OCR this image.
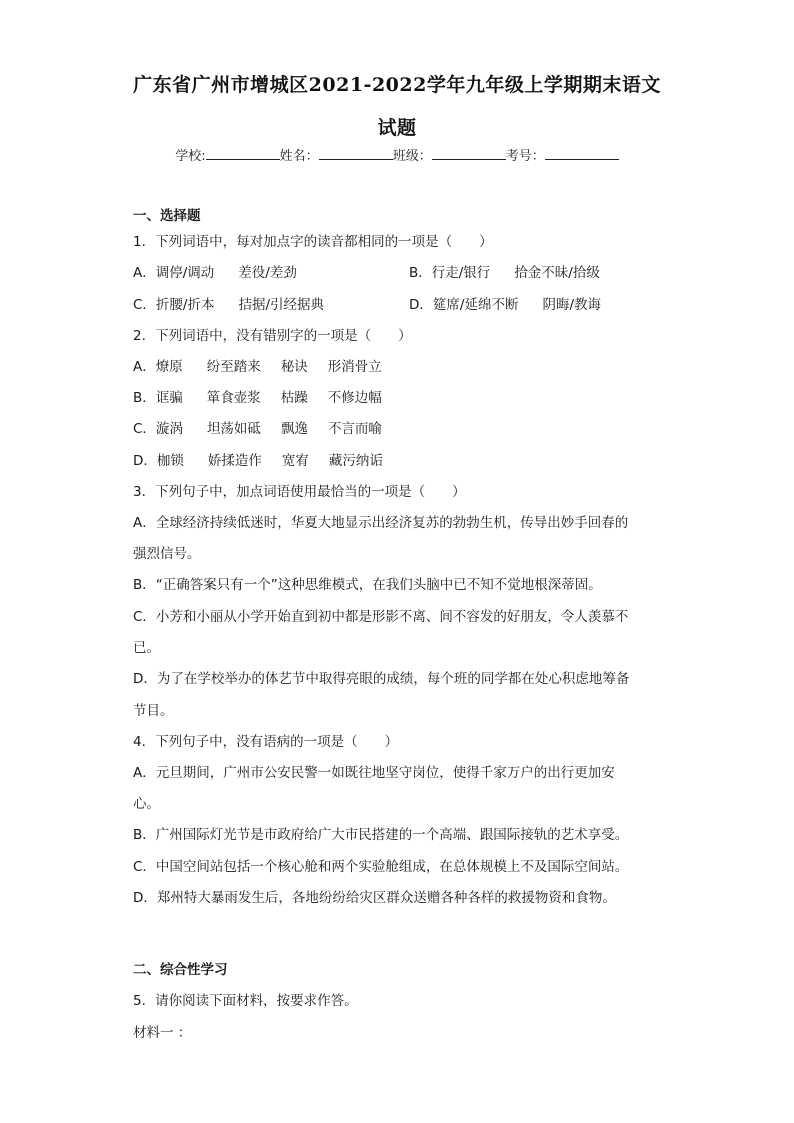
广东省广州市增城区2021-2022学年九年级上学期期末语文
试题
学校:	姓名：	班级：	考号：
一、选择题
1．下列词语中，每对加点字的读音都相同的一项是（　　）
A．调停/调动 差役/差劲	B．行走/银行 拾金不昧/拾级
C．折腰/折本 拮据/引经据典	D．筵席/延绵不断 阴晦/教诲
2．下列词语中，没有错别字的一项是（　　）
A．燎原 纷至踏来 秘诀 形消骨立
B．诓骗 箪食壶浆 枯躁 不修边幅
C．漩涡 坦荡如砥 飘逸 不言而喻
D．枷锁 娇揉造作 宽宥 藏污纳诟
3．下列句子中，加点词语使用最恰当的一项是（　　）
A．全球经济持续低迷时，华夏大地显示出经济复苏的勃勃生机，传导出妙手回春的
强烈信号。
B．“正确答案只有一个”这种思维模式，在我们头脑中已不知不觉地根深蒂固。
C．小芳和小丽从小学开始直到初中都是形影不离、间不容发的好朋友，令人羡慕不
已。
D．为了在学校举办的体艺节中取得亮眼的成绩，每个班的同学都在处心积虑地筹备
节目。
4．下列句子中，没有语病的一项是（　　）
A．元旦期间，广州市公安民警一如既往地坚守岗位，使得千家万户的出行更加安
心。
B．广州国际灯光节是市政府给广大市民搭建的一个高端、跟国际接轨的艺术享受。
C．中国空间站包括一个核心舱和两个实验舱组成，在总体规模上不及国际空间站。
D．郑州特大暴雨发生后，各地纷纷给灾区群众送赠各种各样的救援物资和食物。
二、综合性学习
5．请你阅读下面材料，按要求作答。
材料一 ：
